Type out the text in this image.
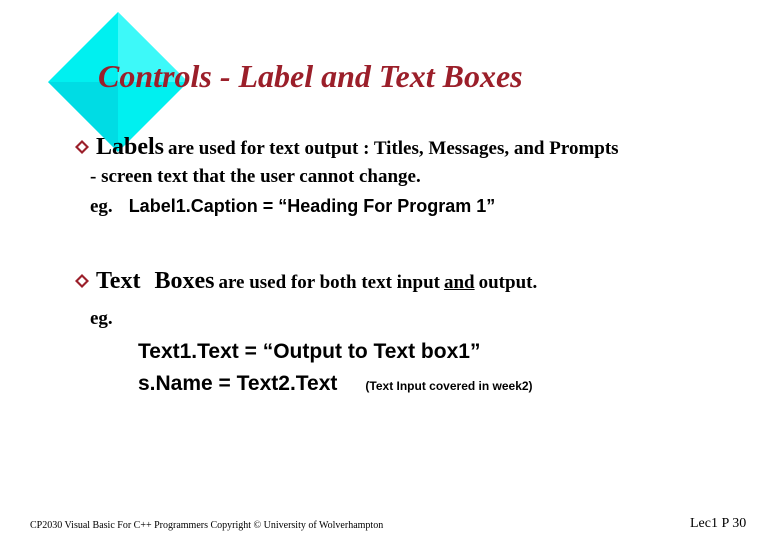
Controls - Label and Text Boxes
Labels are used for text output : Titles, Messages, and Prompts
- screen text that the user cannot change.
eg. Label1.Caption = “Heading For Program 1”
Text Boxes are used for both text input and output.
eg.
Text1.Text = “Output to Text box1”
s.Name = Text2.Text (Text Input covered in week2)
CP2030 Visual Basic For C++ Programmers Copyright © University of Wolverhampton	Lec1 P 30
